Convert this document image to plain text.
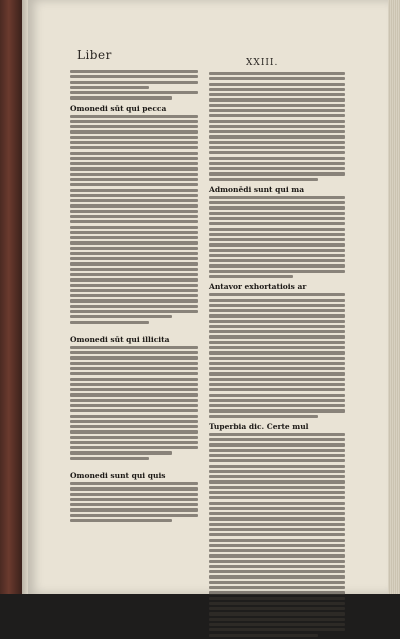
Liber
XXIII.
Omonedi sūt qui pecca
Omonedi sūt qui illicita
Omonedi sunt qui quis
Admonēdi sunt qui ma
Antavor exhortatiois ar
Tuperbia dic. Certe mul
